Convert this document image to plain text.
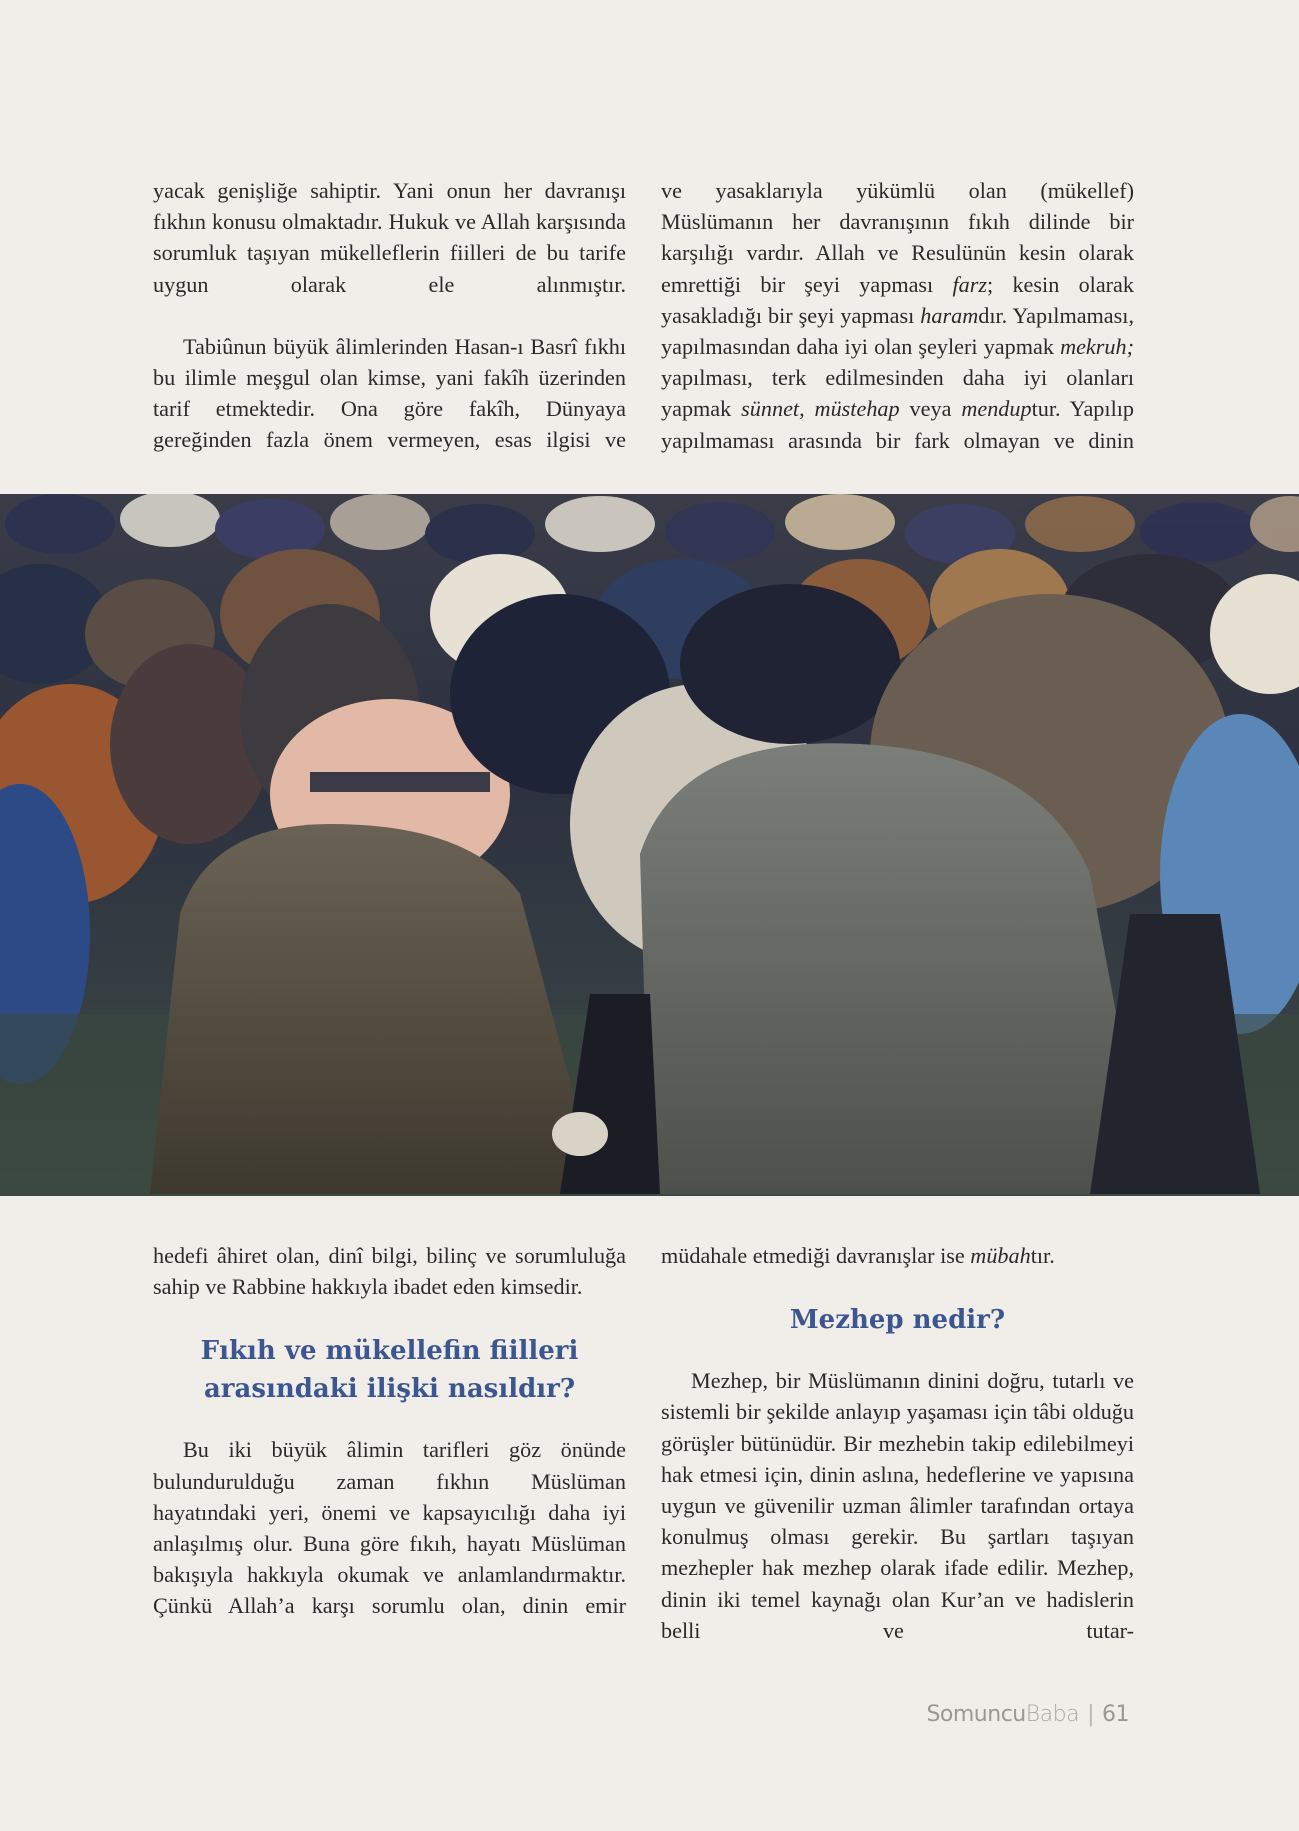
yacak genişliğe sahiptir. Yani onun her davranışı fıkhın konusu olmaktadır. Hukuk ve Allah karşısında sorumluk taşıyan mükelleflerin fiilleri de bu tarife uygun olarak ele alınmıştır.

Tabiûnun büyük âlimlerinden Hasan-ı Basrî fıkhı bu ilimle meşgul olan kimse, yani fakîh üzerinden tarif etmektedir. Ona göre fakîh, Dünyaya gereğinden fazla önem vermeyen, esas ilgisi ve

ve yasaklarıyla yükümlü olan (mükellef) Müslümanın her davranışının fıkıh dilinde bir karşılığı vardır. Allah ve Resulünün kesin olarak emrettiği bir şeyi yapması farz; kesin olarak yasakladığı bir şeyi yapması haramdır. Yapılmaması, yapılmasından daha iyi olan şeyleri yapmak mekruh; yapılması, terk edilmesinden daha iyi olanları yapmak sünnet, müstehap veya menduptur. Yapılıp yapılmaması arasında bir fark olmayan ve dinin

hedefi âhiret olan, dinî bilgi, bilinç ve sorumluluğa sahip ve Rabbine hakkıyla ibadet eden kimsedir.

Fıkıh ve mükellefin fiilleri arasındaki ilişki nasıldır?

Bu iki büyük âlimin tarifleri göz önünde bulundurulduğu zaman fıkhın Müslüman hayatındaki yeri, önemi ve kapsayıcılığı daha iyi anlaşılmış olur. Buna göre fıkıh, hayatı Müslüman bakışıyla hakkıyla okumak ve anlamlandırmaktır. Çünkü Allah’a karşı sorumlu olan, dinin emir

müdahale etmediği davranışlar ise mübahtır.

Mezhep nedir?

Mezhep, bir Müslümanın dinini doğru, tutarlı ve sistemli bir şekilde anlayıp yaşaması için tâbi olduğu görüşler bütünüdür. Bir mezhebin takip edilebilmeyi hak etmesi için, dinin aslına, hedeflerine ve yapısına uygun ve güvenilir uzman âlimler tarafından ortaya konulmuş olması gerekir. Bu şartları taşıyan mezhepler hak mezhep olarak ifade edilir. Mezhep, dinin iki temel kaynağı olan Kur’an ve hadislerin belli ve tutar-

SomuncuBaba | 61
